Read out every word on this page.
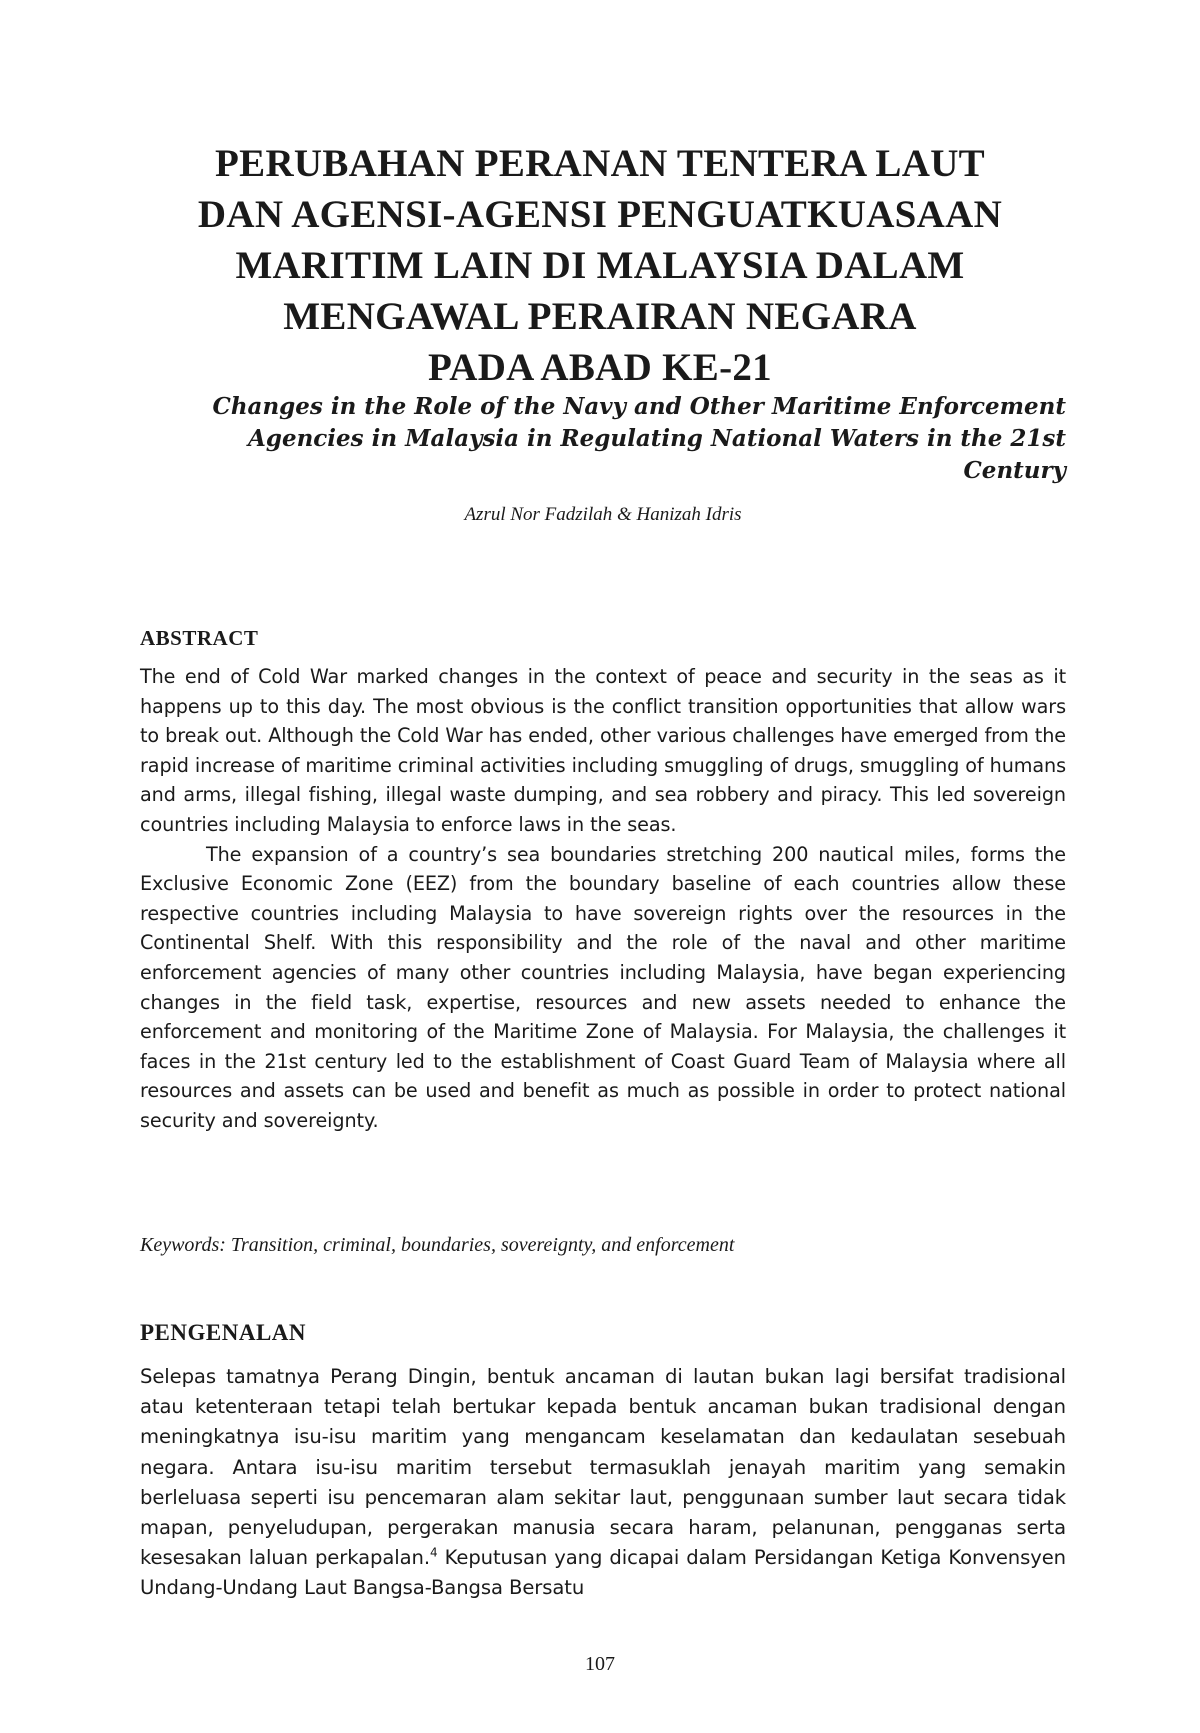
PERUBAHAN PERANAN TENTERA LAUT
DAN AGENSI-AGENSI PENGUATKUASAAN
MARITIM LAIN DI MALAYSIA DALAM
MENGAWAL PERAIRAN NEGARA
PADA ABAD KE-21
Changes in the Role of the Navy and Other Maritime Enforcement
Agencies in Malaysia in Regulating National Waters in the 21st Century
Azrul Nor Fadzilah & Hanizah Idris
ABSTRACT

The end of Cold War marked changes in the context of peace and security in the seas as it happens up to this day. The most obvious is the conflict transition opportunities that allow wars to break out. Although the Cold War has ended, other various challenges have emerged from the rapid increase of maritime criminal activities including smuggling of drugs, smuggling of humans and arms, illegal fishing, illegal waste dumping, and sea robbery and piracy. This led sovereign countries including Malaysia to enforce laws in the seas.

The expansion of a country’s sea boundaries stretching 200 nautical miles, forms the Exclusive Economic Zone (EEZ) from the boundary baseline of each countries allow these respective countries including Malaysia to have sovereign rights over the resources in the Continental Shelf. With this responsibility and the role of the naval and other maritime enforcement agencies of many other countries including Malaysia, have began experiencing changes in the field task, expertise, resources and new assets needed to enhance the enforcement and monitoring of the Maritime Zone of Malaysia. For Malaysia, the challenges it faces in the 21st century led to the establishment of Coast Guard Team of Malaysia where all resources and assets can be used and benefit as much as possible in order to protect national security and sovereignty.

Keywords: Transition, criminal, boundaries, sovereignty, and enforcement
PENGENALAN

Selepas tamatnya Perang Dingin, bentuk ancaman di lautan bukan lagi bersifat tradisional atau ketenteraan tetapi telah bertukar kepada bentuk ancaman bukan tradisional dengan meningkatnya isu-isu maritim yang mengancam keselamatan dan kedaulatan sesebuah negara. Antara isu-isu maritim tersebut termasuklah jenayah maritim yang semakin berleluasa seperti isu pencemaran alam sekitar laut, penggunaan sumber laut secara tidak mapan, penyeludupan, pergerakan manusia secara haram, pelanunan, pengganas serta kesesakan laluan perkapalan.$^4$ Keputusan yang dicapai dalam Persidangan Ketiga Konvensyen Undang-Undang Laut Bangsa-Bangsa Bersatu

107
